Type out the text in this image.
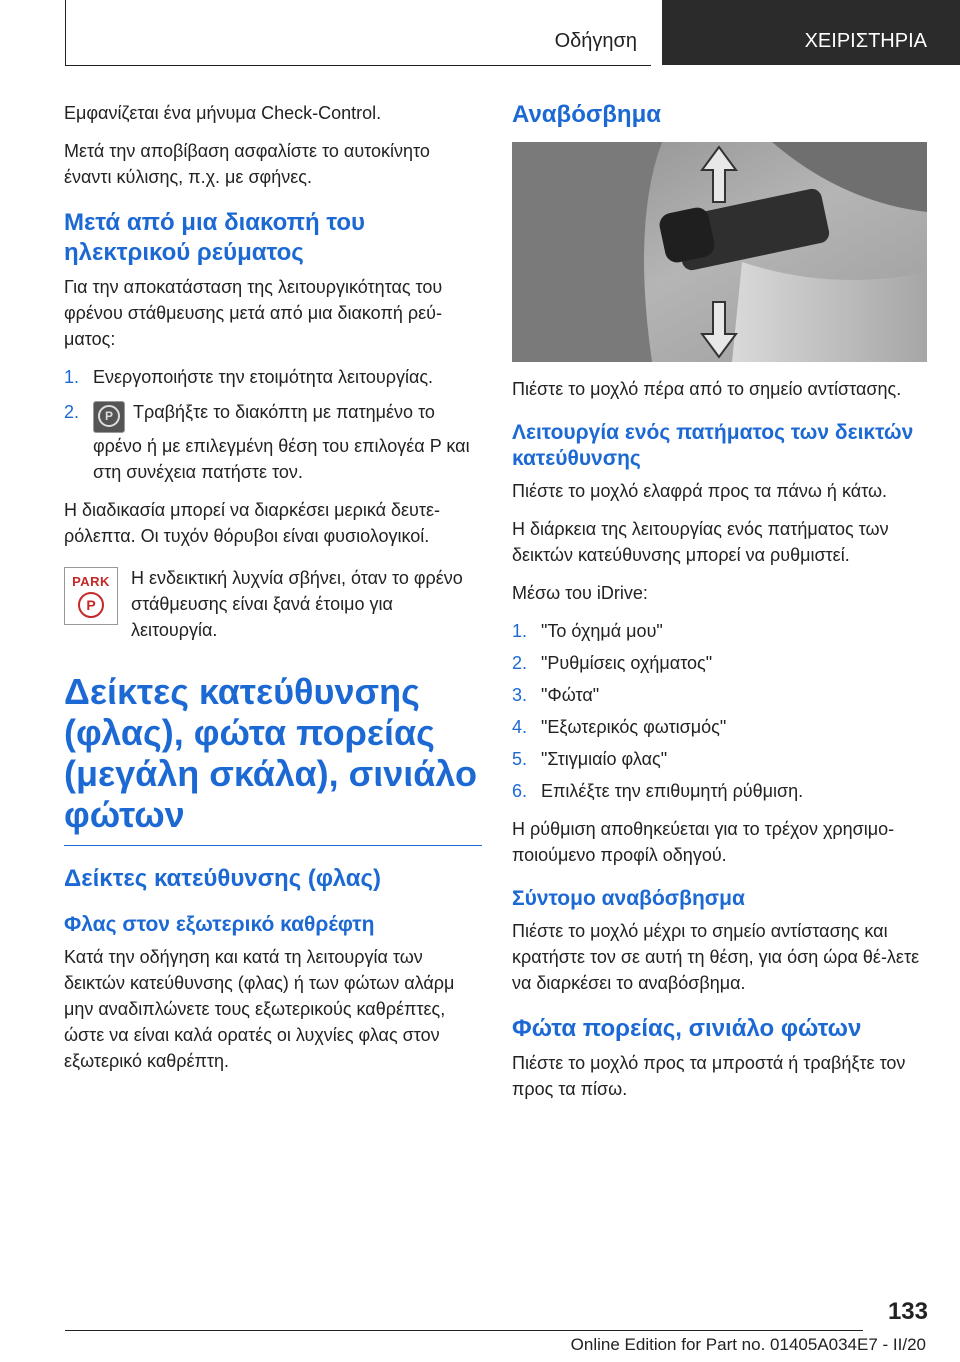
Οδήγηση	ΧΕΙΡΙΣΤΗΡΙΑ

Εμφανίζεται ένα μήνυμα Check-Control.

Μετά την αποβίβαση ασφαλίστε το αυτοκίνητο έναντι κύλισης, π.χ. με σφήνες.

Μετά από μια διακοπή του ηλεκτρικού ρεύματος

Για την αποκατάσταση της λειτουργικότητας του φρένου στάθμευσης μετά από μια διακοπή ρεύ-ματος:

1. Ενεργοποιήστε την ετοιμότητα λειτουργίας.
2. P Τραβήξτε το διακόπτη με πατημένο το φρένο ή με επιλεγμένη θέση του επιλογέα P και στη συνέχεια πατήστε τον.

Η διαδικασία μπορεί να διαρκέσει μερικά δευτε-ρόλεπτα. Οι τυχόν θόρυβοι είναι φυσιολογικοί.

PARK
P

Η ενδεικτική λυχνία σβήνει, όταν το φρένο στάθμευσης είναι ξανά έτοιμο για λειτουργία.

Δείκτες κατεύθυνσης (φλας), φώτα πορείας (μεγάλη σκάλα), σινιάλο φώτων
Δείκτες κατεύθυνσης (φλας)
Φλας στον εξωτερικό καθρέφτη

Κατά την οδήγηση και κατά τη λειτουργία των δεικτών κατεύθυνσης (φλας) ή των φώτων αλάρμ μην αναδιπλώνετε τους εξωτερικούς καθρέπτες, ώστε να είναι καλά ορατές οι λυχνίες φλας στον εξωτερικό καθρέπτη.

Αναβόσβημα

Πιέστε το μοχλό πέρα από το σημείο αντίστασης.

Λειτουργία ενός πατήματος των δεικτών κατεύθυνσης

Πιέστε το μοχλό ελαφρά προς τα πάνω ή κάτω.

Η διάρκεια της λειτουργίας ενός πατήματος των δεικτών κατεύθυνσης μπορεί να ρυθμιστεί.

Μέσω του iDrive:

1. "Το όχημά μου"
2. "Ρυθμίσεις οχήματος"
3. "Φώτα"
4. "Εξωτερικός φωτισμός"
5. "Στιγμιαίο φλας"
6. Επιλέξτε την επιθυμητή ρύθμιση.

Η ρύθμιση αποθηκεύεται για το τρέχον χρησιμο-ποιούμενο προφίλ οδηγού.

Σύντομο αναβόσβησμα

Πιέστε το μοχλό μέχρι το σημείο αντίστασης και κρατήστε τον σε αυτή τη θέση, για όση ώρα θέ-λετε να διαρκέσει το αναβόσβημα.

Φώτα πορείας, σινιάλο φώτων

Πιέστε το μοχλό προς τα μπροστά ή τραβήξτε τον προς τα πίσω.

133
Online Edition for Part no. 01405A034E7 - II/20
